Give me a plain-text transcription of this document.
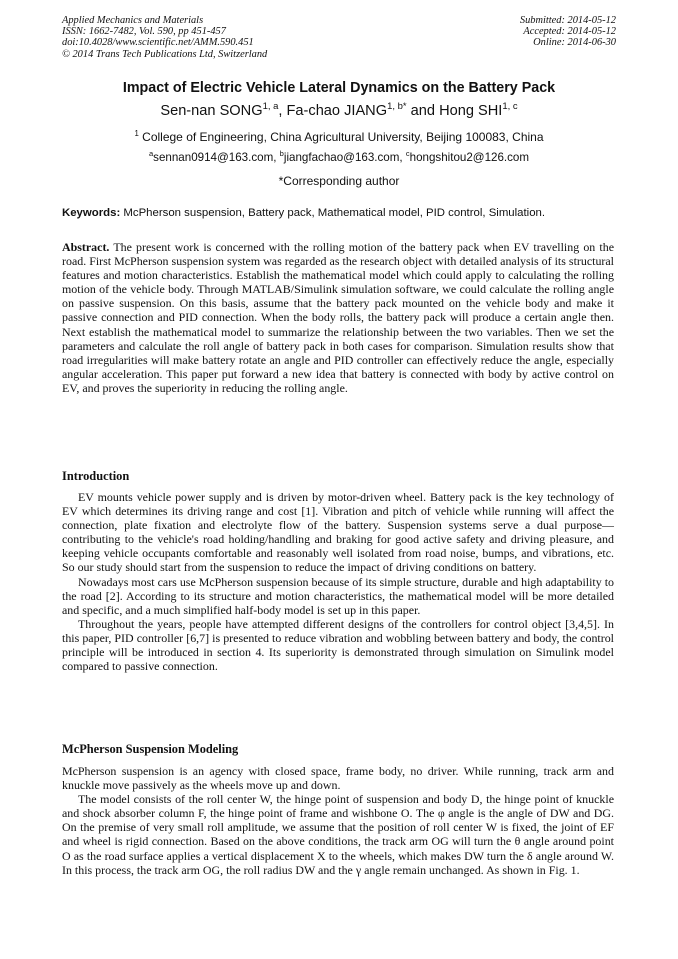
Applied Mechanics and Materials
ISSN: 1662-7482, Vol. 590, pp 451-457
doi:10.4028/www.scientific.net/AMM.590.451
© 2014 Trans Tech Publications Ltd, Switzerland
Submitted: 2014-05-12
Accepted: 2014-05-12
Online: 2014-06-30
Impact of Electric Vehicle Lateral Dynamics on the Battery Pack
Sen-nan SONG$^{1, a}$, Fa-chao $JIANG^{1, b*}$ and Hong SHI$^{1, c}$
$^1$ College of Engineering, China Agricultural University, Beijing 100083, China
$^a$sennan0914@163.com, $^b$jiangfachao@163.com, $^c$hongshitou2@126.com
*Corresponding author
Keywords: McPherson suspension, Battery pack, Mathematical model, PID control, Simulation.

Abstract. The present work is concerned with the rolling motion of the battery pack when EV travelling on the road. First McPherson suspension system was regarded as the research object with detailed analysis of its structural features and motion characteristics. Establish the mathematical model which could apply to calculating the rolling motion of the vehicle body. Through MATLAB/Simulink simulation software, we could calculate the rolling angle on passive suspension. On this basis, assume that the battery pack mounted on the vehicle body and make it passive connection and PID connection. When the body rolls, the battery pack will produce a certain angle then. Next establish the mathematical model to summarize the relationship between the two variables. Then we set the parameters and calculate the roll angle of battery pack in both cases for comparison. Simulation results show that road irregularities will make battery rotate an angle and PID controller can effectively reduce the angle, especially angular acceleration. This paper put forward a new idea that battery is connected with body by active control on EV, and proves the superiority in reducing the rolling angle.

Introduction

EV mounts vehicle power supply and is driven by motor-driven wheel. Battery pack is the key technology of EV which determines its driving range and cost [1]. Vibration and pitch of vehicle while running will affect the connection, plate fixation and electrolyte flow of the battery. Suspension systems serve a dual purpose—contributing to the vehicle's road holding/handling and braking for good active safety and driving pleasure, and keeping vehicle occupants comfortable and reasonably well isolated from road noise, bumps, and vibrations, etc. So our study should start from the suspension to reduce the impact of driving conditions on battery.

Nowadays most cars use McPherson suspension because of its simple structure, durable and high adaptability to the road [2]. According to its structure and motion characteristics, the mathematical model will be more detailed and specific, and a much simplified half-body model is set up in this paper.

Throughout the years, people have attempted different designs of the controllers for control object [3,4,5]. In this paper, PID controller [6,7] is presented to reduce vibration and wobbling between battery and body, the control principle will be introduced in section 4. Its superiority is demonstrated through simulation on Simulink model compared to passive connection.

McPherson Suspension Modeling

McPherson suspension is an agency with closed space, frame body, no driver. While running, track arm and knuckle move passively as the wheels move up and down.

The model consists of the roll center W, the hinge point of suspension and body D, the hinge point of knuckle and shock absorber column F, the hinge point of frame and wishbone O. The φ angle is the angle of DW and DG. On the premise of very small roll amplitude, we assume that the position of roll center W is fixed, the joint of EF and wheel is rigid connection. Based on the above conditions, the track arm OG will turn the θ angle around point O as the road surface applies a vertical displacement X to the wheels, which makes DW turn the δ angle around W. In this process, the track arm OG, the roll radius DW and the γ angle remain unchanged. As shown in Fig. 1.
